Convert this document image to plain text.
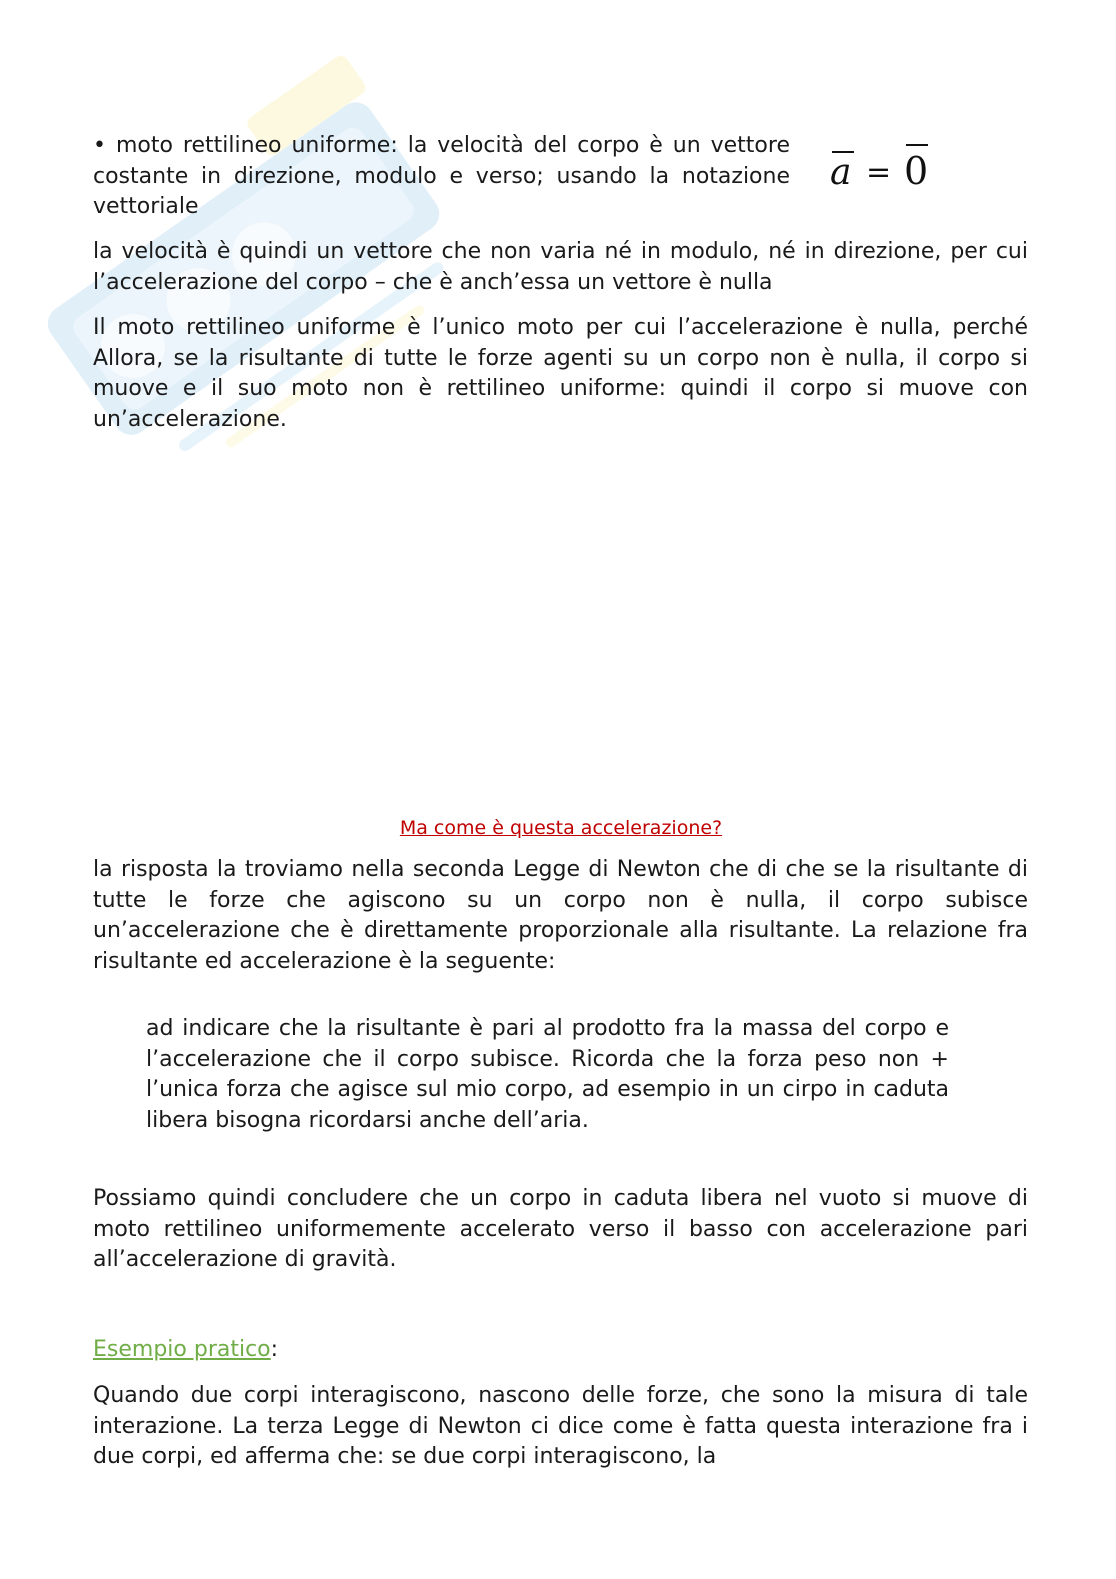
• moto rettilineo uniforme: la velocità del corpo è un vettore costante in direzione, modulo e verso; usando la notazione vettoriale

a = 0

la velocità è quindi un vettore che non varia né in modulo, né in direzione, per cui l’accelerazione del corpo – che è anch’essa un vettore è nulla

Il moto rettilineo uniforme è l’unico moto per cui l’accelerazione è nulla, perché Allora, se la risultante di tutte le forze agenti su un corpo non è nulla, il corpo si muove e il suo moto non è rettilineo uniforme: quindi il corpo si muove con un’accelerazione.

Ma come è questa accelerazione?

la risposta la troviamo nella seconda Legge di Newton che di che se la risultante di tutte le forze che agiscono su un corpo non è nulla, il corpo subisce un’accelerazione che è direttamente proporzionale alla risultante. La relazione fra risultante ed accelerazione è la seguente:

ad indicare che la risultante è pari al prodotto fra la massa del corpo e l’accelerazione che il corpo subisce. Ricorda che la forza peso non + l’unica forza che agisce sul mio corpo, ad esempio in un cirpo in caduta libera bisogna ricordarsi anche dell’aria.

Possiamo quindi concludere che un corpo in caduta libera nel vuoto si muove di moto rettilineo uniformemente accelerato verso il basso con accelerazione pari all’accelerazione di gravità.

Esempio pratico:

Quando due corpi interagiscono, nascono delle forze, che sono la misura di tale interazione. La terza Legge di Newton ci dice come è fatta questa interazione fra i due corpi, ed afferma che: se due corpi interagiscono, la
